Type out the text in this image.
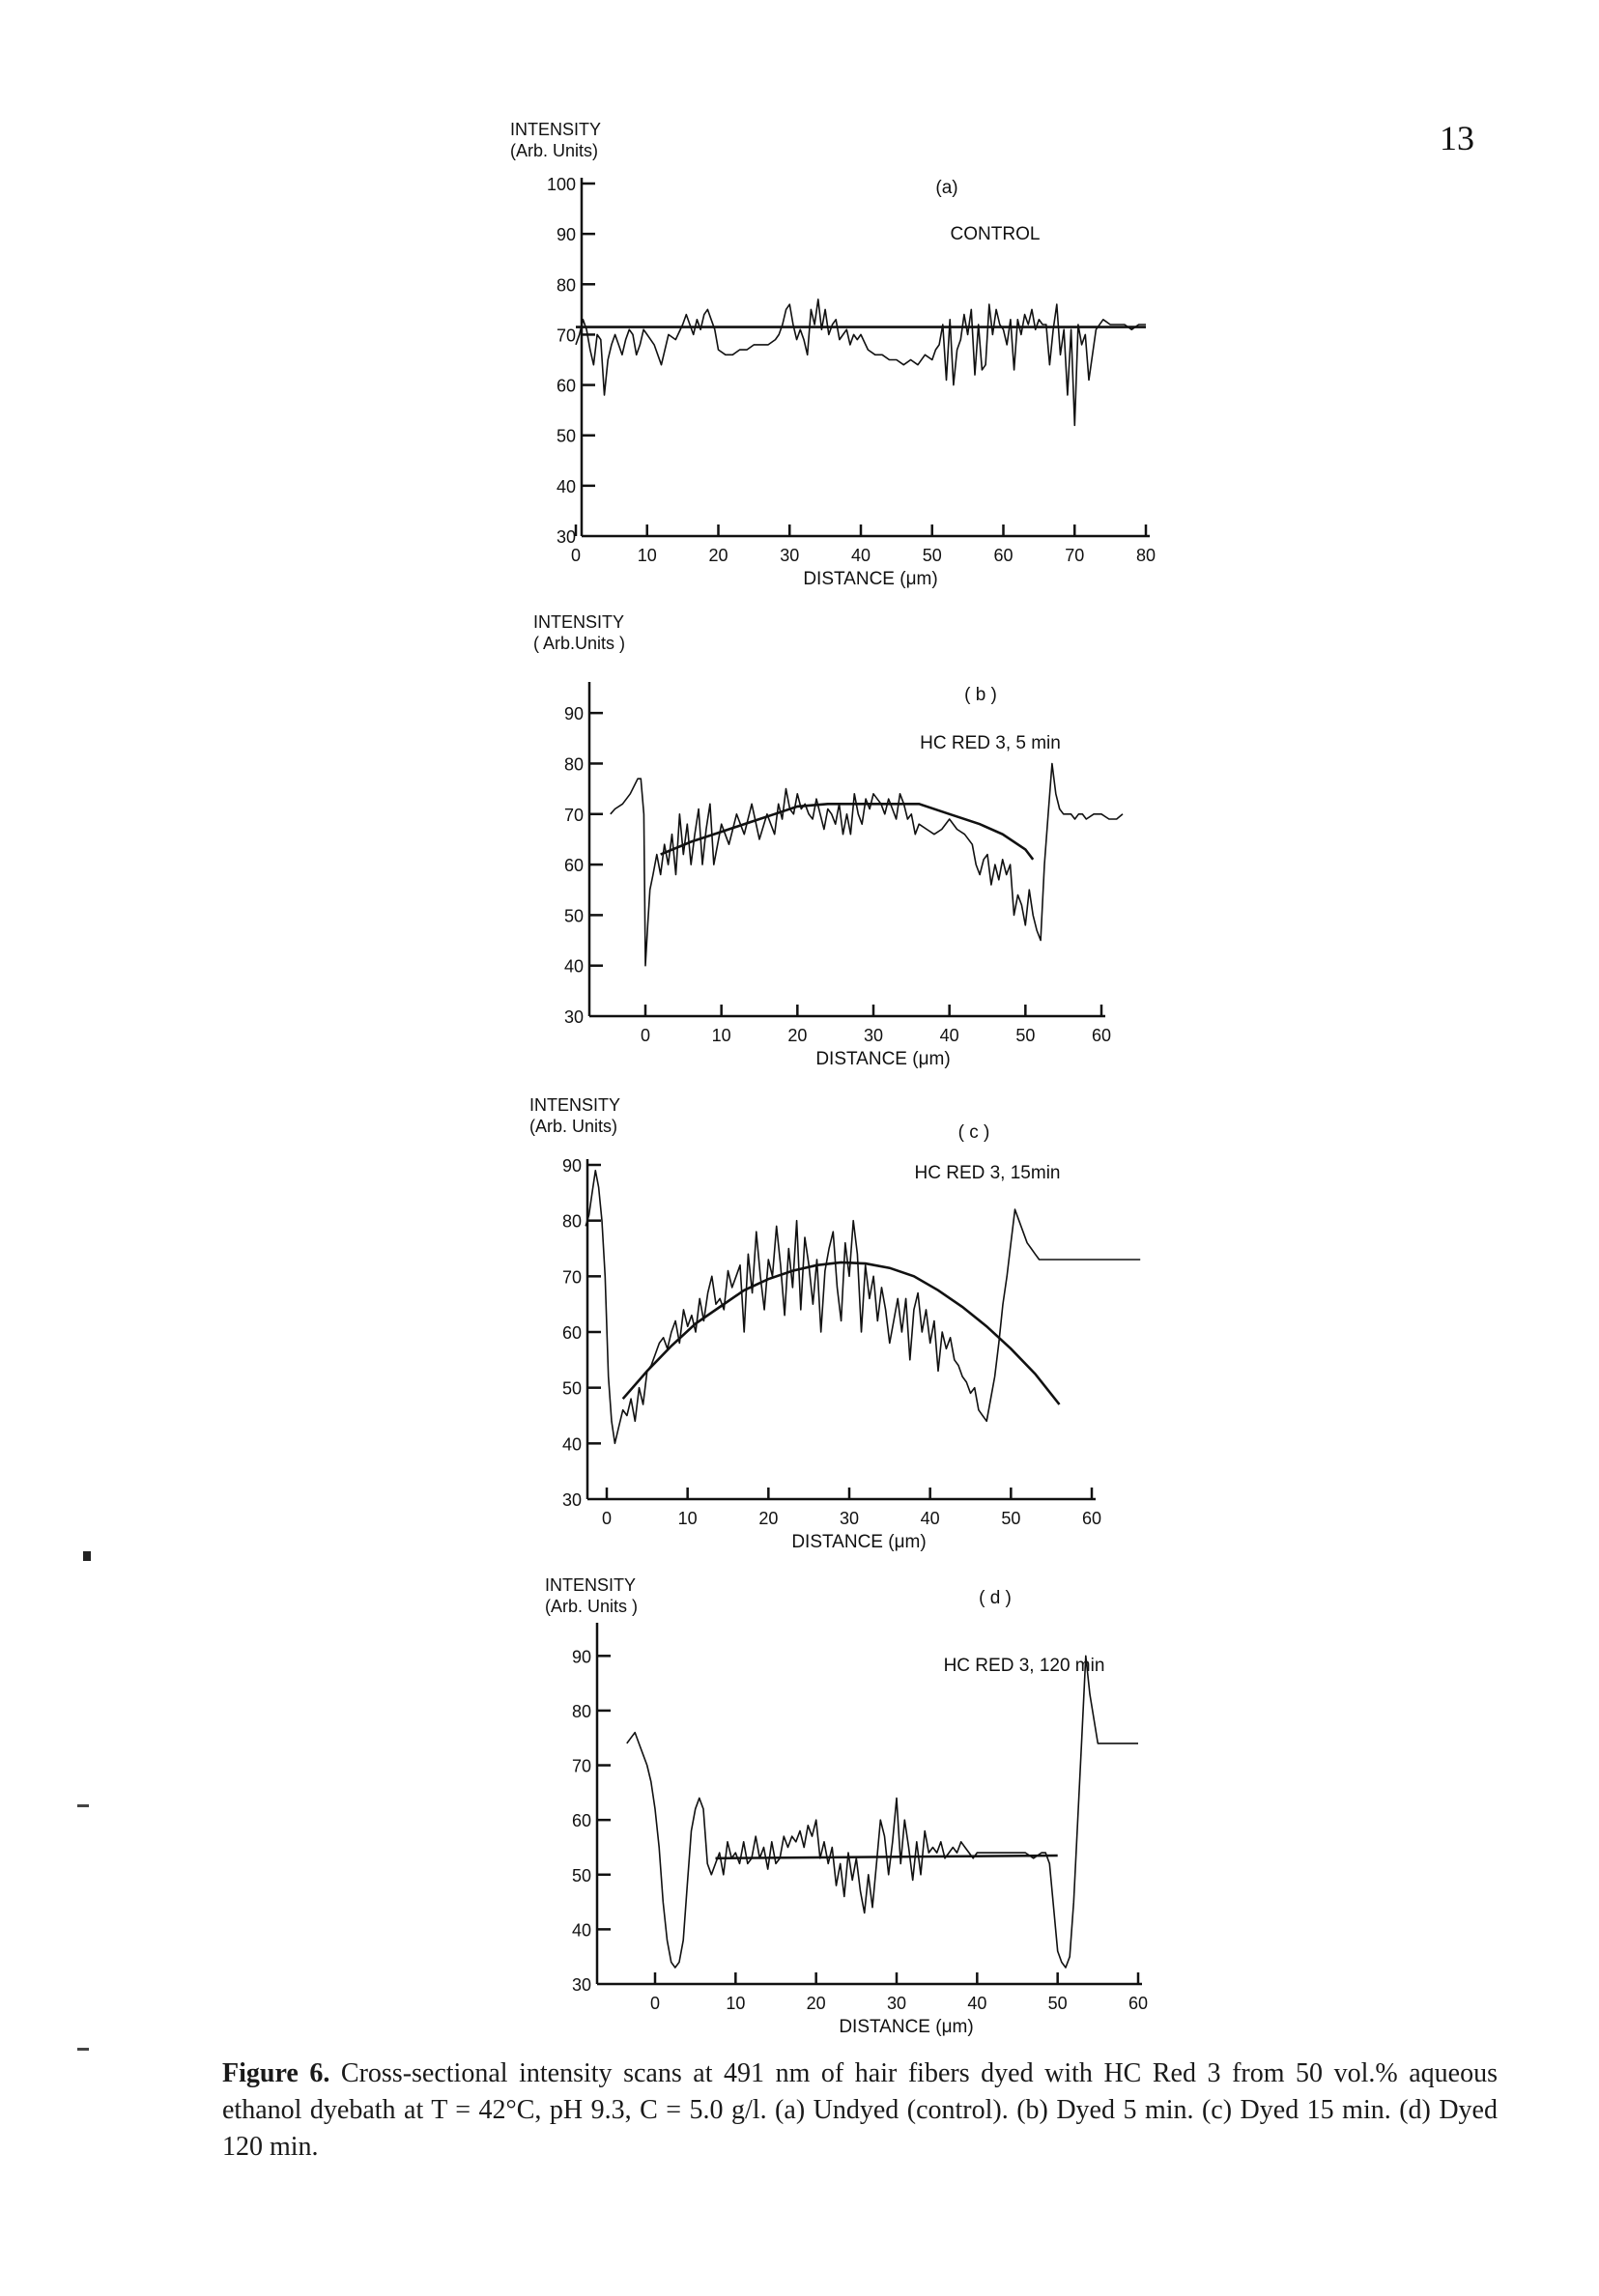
13
30
40
50
60
70
80
90
100
0	10	20	30	40	50	60	70	80
DISTANCE (μm)
INTENSITY
(Arb. Units)
(a)
CONTROL
30
40
50
60
70
80
90
0	10	20	30	40	50	60
DISTANCE (μm)
INTENSITY
( Arb.Units )
( b )
HC RED 3, 5 min
30
40
50
60
70
80
90
0	10	20	30	40	50	60
DISTANCE (μm)
INTENSITY
(Arb. Units)	( c )
HC RED 3, 15min
30
40
50
60
70
80
90
0	10	20	30	40	50	60
DISTANCE (μm)
INTENSITY
(Arb. Units )	( d )
HC RED 3, 120 min
Figure 6. Cross-sectional intensity scans at 491 nm of hair fibers dyed with HC Red 3 from 50 vol.% aqueous ethanol dyebath at T = 42°C, pH 9.3, C = 5.0 g/l. (a) Undyed (control). (b) Dyed 5 min. (c) Dyed 15 min. (d) Dyed 120 min.
